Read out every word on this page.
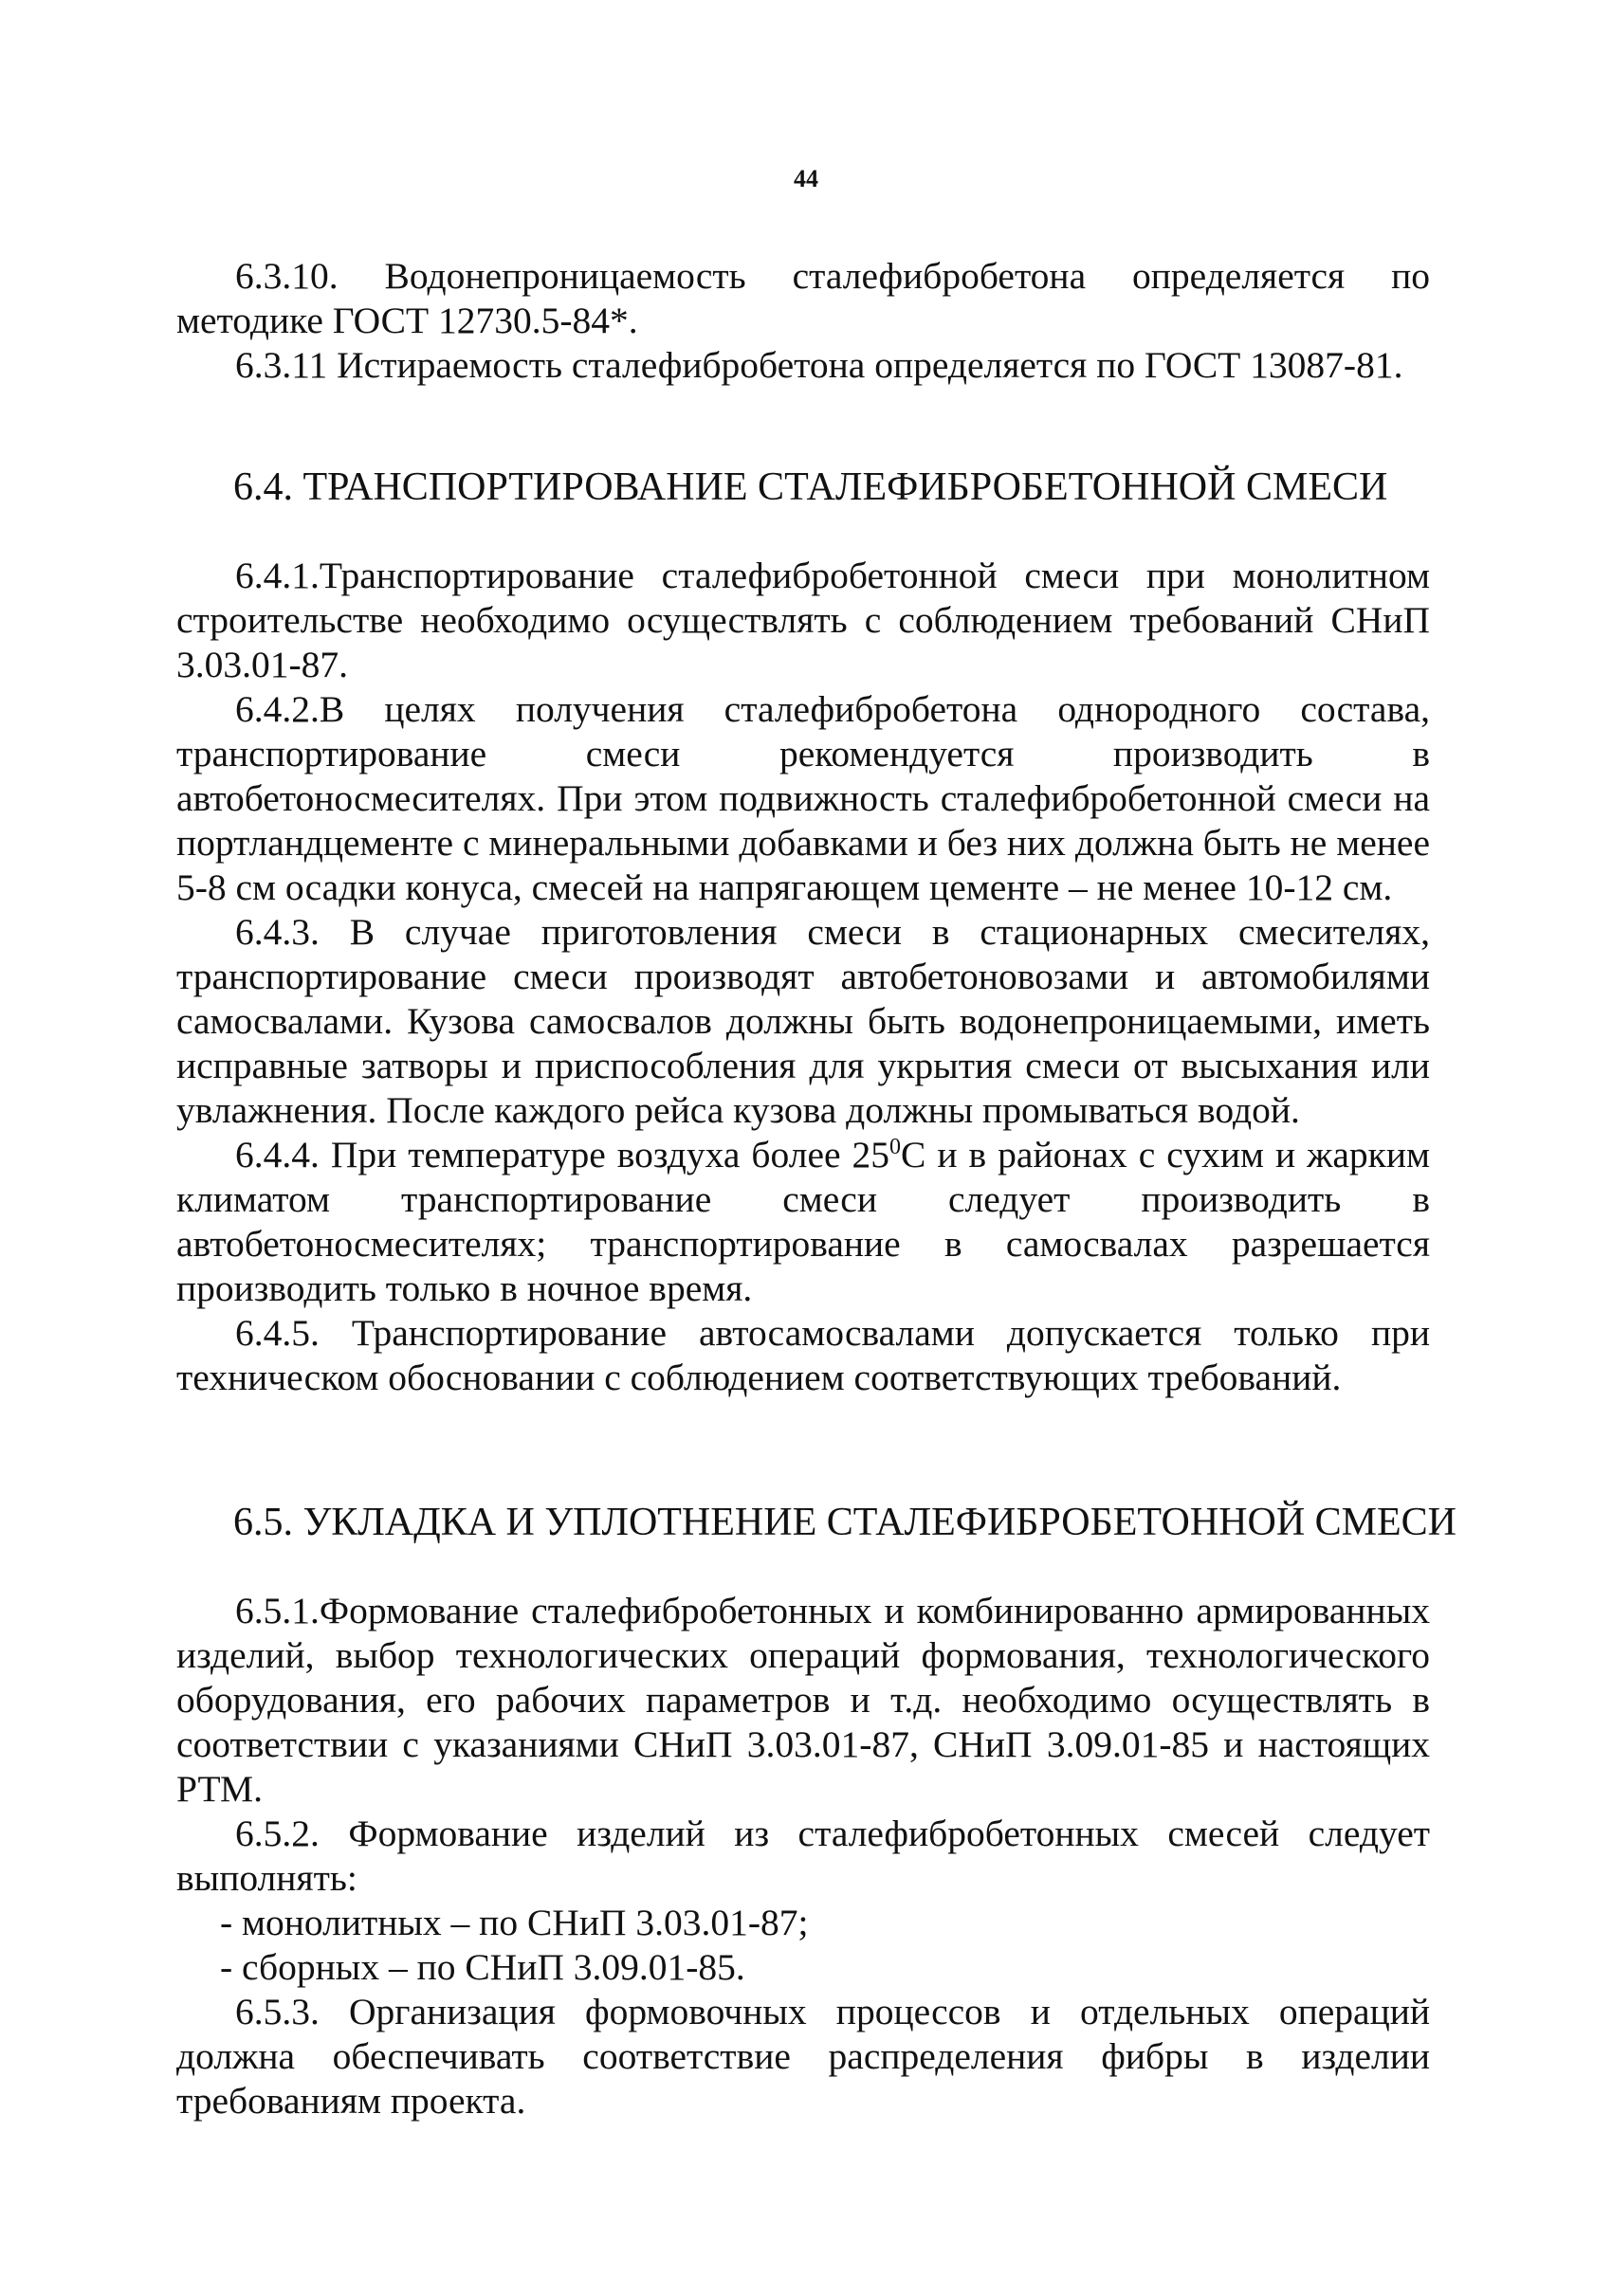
44

6.3.10. Водонепроницаемость сталефибробетона определяется по методике ГОСТ 12730.5-84*.

6.3.11 Истираемость сталефибробетона определяется по ГОСТ 13087-81.

6.4. ТРАНСПОРТИРОВАНИЕ СТАЛЕФИБРОБЕТОННОЙ СМЕСИ

6.4.1.Транспортирование сталефибробетонной смеси при монолитном строительстве необходимо осуществлять с соблюдением требований СНиП 3.03.01-87.

6.4.2.В целях получения сталефибробетона однородного состава, транспортирование смеси рекомендуется производить в автобетоносмесителях. При этом подвижность сталефибробетонной смеси на портландцементе с минеральными добавками и без них должна быть не менее 5-8 см осадки конуса, смесей на напрягающем цементе – не менее 10-12 см.

6.4.3. В случае приготовления смеси в стационарных смесителях, транспортирование смеси производят автобетоновозами и автомобилями самосвалами. Кузова самосвалов должны быть водонепроницаемыми, иметь исправные затворы и приспособления для укрытия смеси от высыхания или увлажнения. После каждого рейса кузова должны промываться водой.

6.4.4. При температуре воздуха более $25^0С$ и в районах с сухим и жарким климатом транспортирование смеси следует производить в автобетоносмесителях; транспортирование в самосвалах разрешается производить только в ночное время.

6.4.5. Транспортирование автосамосвалами допускается только при техническом обосновании с соблюдением соответствующих требований.

6.5. УКЛАДКА И УПЛОТНЕНИЕ СТАЛЕФИБРОБЕТОННОЙ СМЕСИ

6.5.1.Формование сталефибробетонных и комбинированно армированных изделий, выбор технологических операций формования, технологического оборудования, его рабочих параметров и т.д. необходимо осуществлять в соответствии с указаниями СНиП 3.03.01-87, СНиП 3.09.01-85 и настоящих РТМ.

6.5.2. Формование изделий из сталефибробетонных смесей следует выполнять:

- монолитных – по СНиП 3.03.01-87;

- сборных – по СНиП 3.09.01-85.

6.5.3. Организация формовочных процессов и отдельных операций должна обеспечивать соответствие распределения фибры в изделии требованиям проекта.
